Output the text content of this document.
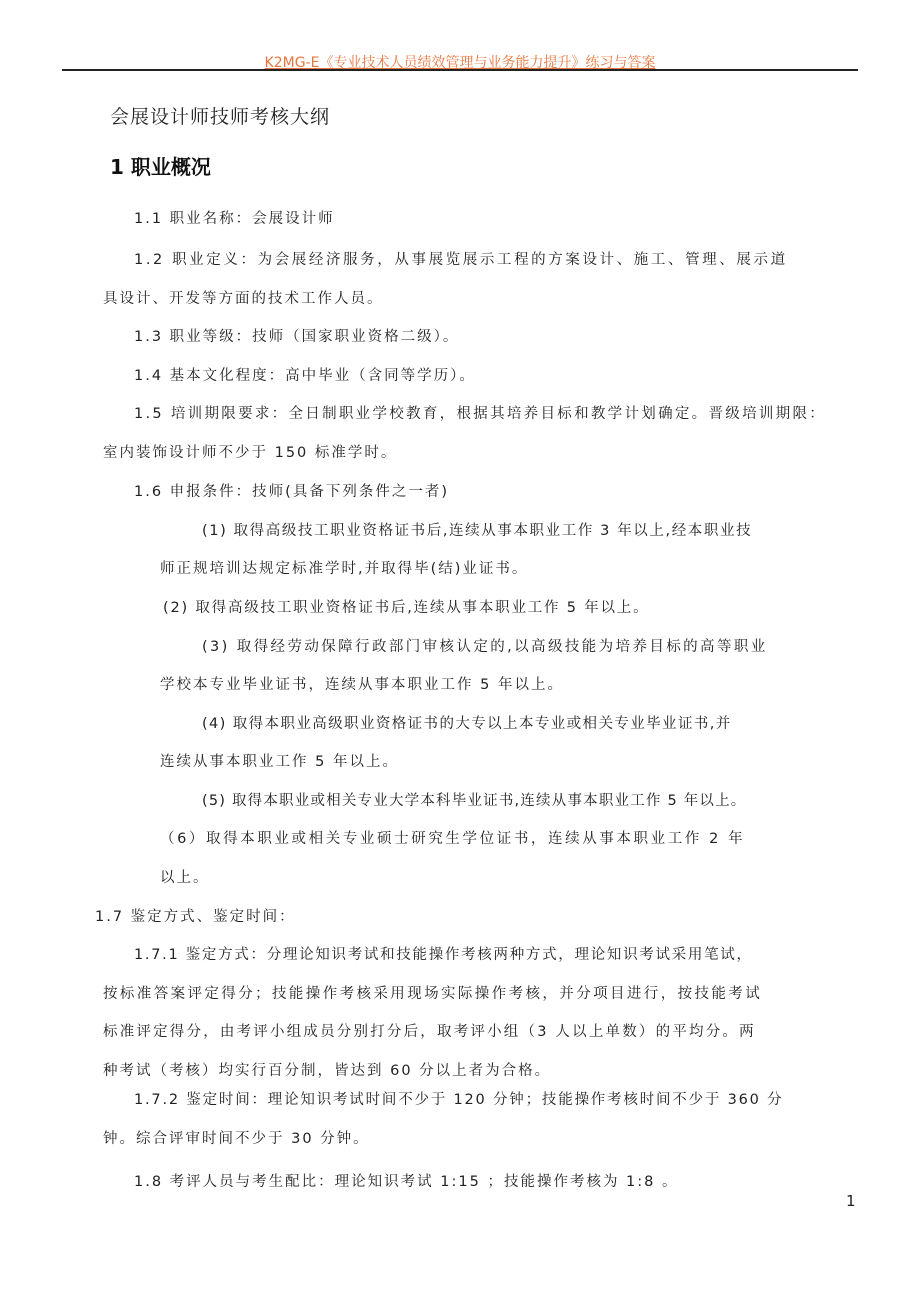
K2MG-E《专业技术人员绩效管理与业务能力提升》练习与答案
会展设计师技师考核大纲
1 职业概况
1.1 职业名称：会展设计师
1.2 职业定义：为会展经济服务，从事展览展示工程的方案设计、施工、管理、展示道
具设计、开发等方面的技术工作人员。
1.3 职业等级：技师（国家职业资格二级）。
1.4 基本文化程度：高中毕业（含同等学历）。
1.5 培训期限要求：全日制职业学校教育，根据其培养目标和教学计划确定。晋级培训期限：
室内装饰设计师不少于 150 标准学时。
1.6 申报条件：技师(具备下列条件之一者)
(1) 取得高级技工职业资格证书后,连续从事本职业工作 3 年以上,经本职业技
师正规培训达规定标准学时,并取得毕(结)业证书。
(2) 取得高级技工职业资格证书后,连续从事本职业工作 5 年以上。
(3) 取得经劳动保障行政部门审核认定的,以高级技能为培养目标的高等职业
学校本专业毕业证书，连续从事本职业工作 5 年以上。
(4) 取得本职业高级职业资格证书的大专以上本专业或相关专业毕业证书,并
连续从事本职业工作 5 年以上。
(5) 取得本职业或相关专业大学本科毕业证书,连续从事本职业工作 5 年以上。
（6）取得本职业或相关专业硕士研究生学位证书，连续从事本职业工作 2 年
以上。
1.7 鉴定方式、鉴定时间：
1.7.1 鉴定方式：分理论知识考试和技能操作考核两种方式，理论知识考试采用笔试，
按标准答案评定得分；技能操作考核采用现场实际操作考核，并分项目进行，按技能考试
标准评定得分，由考评小组成员分别打分后，取考评小组（3 人以上单数）的平均分。两
种考试（考核）均实行百分制，皆达到 60 分以上者为合格。
1.7.2 鉴定时间：理论知识考试时间不少于 120 分钟；技能操作考核时间不少于 360 分
钟。综合评审时间不少于 30 分钟。
1.8 考评人员与考生配比：理论知识考试 1:15 ；技能操作考核为 1:8 。
1
